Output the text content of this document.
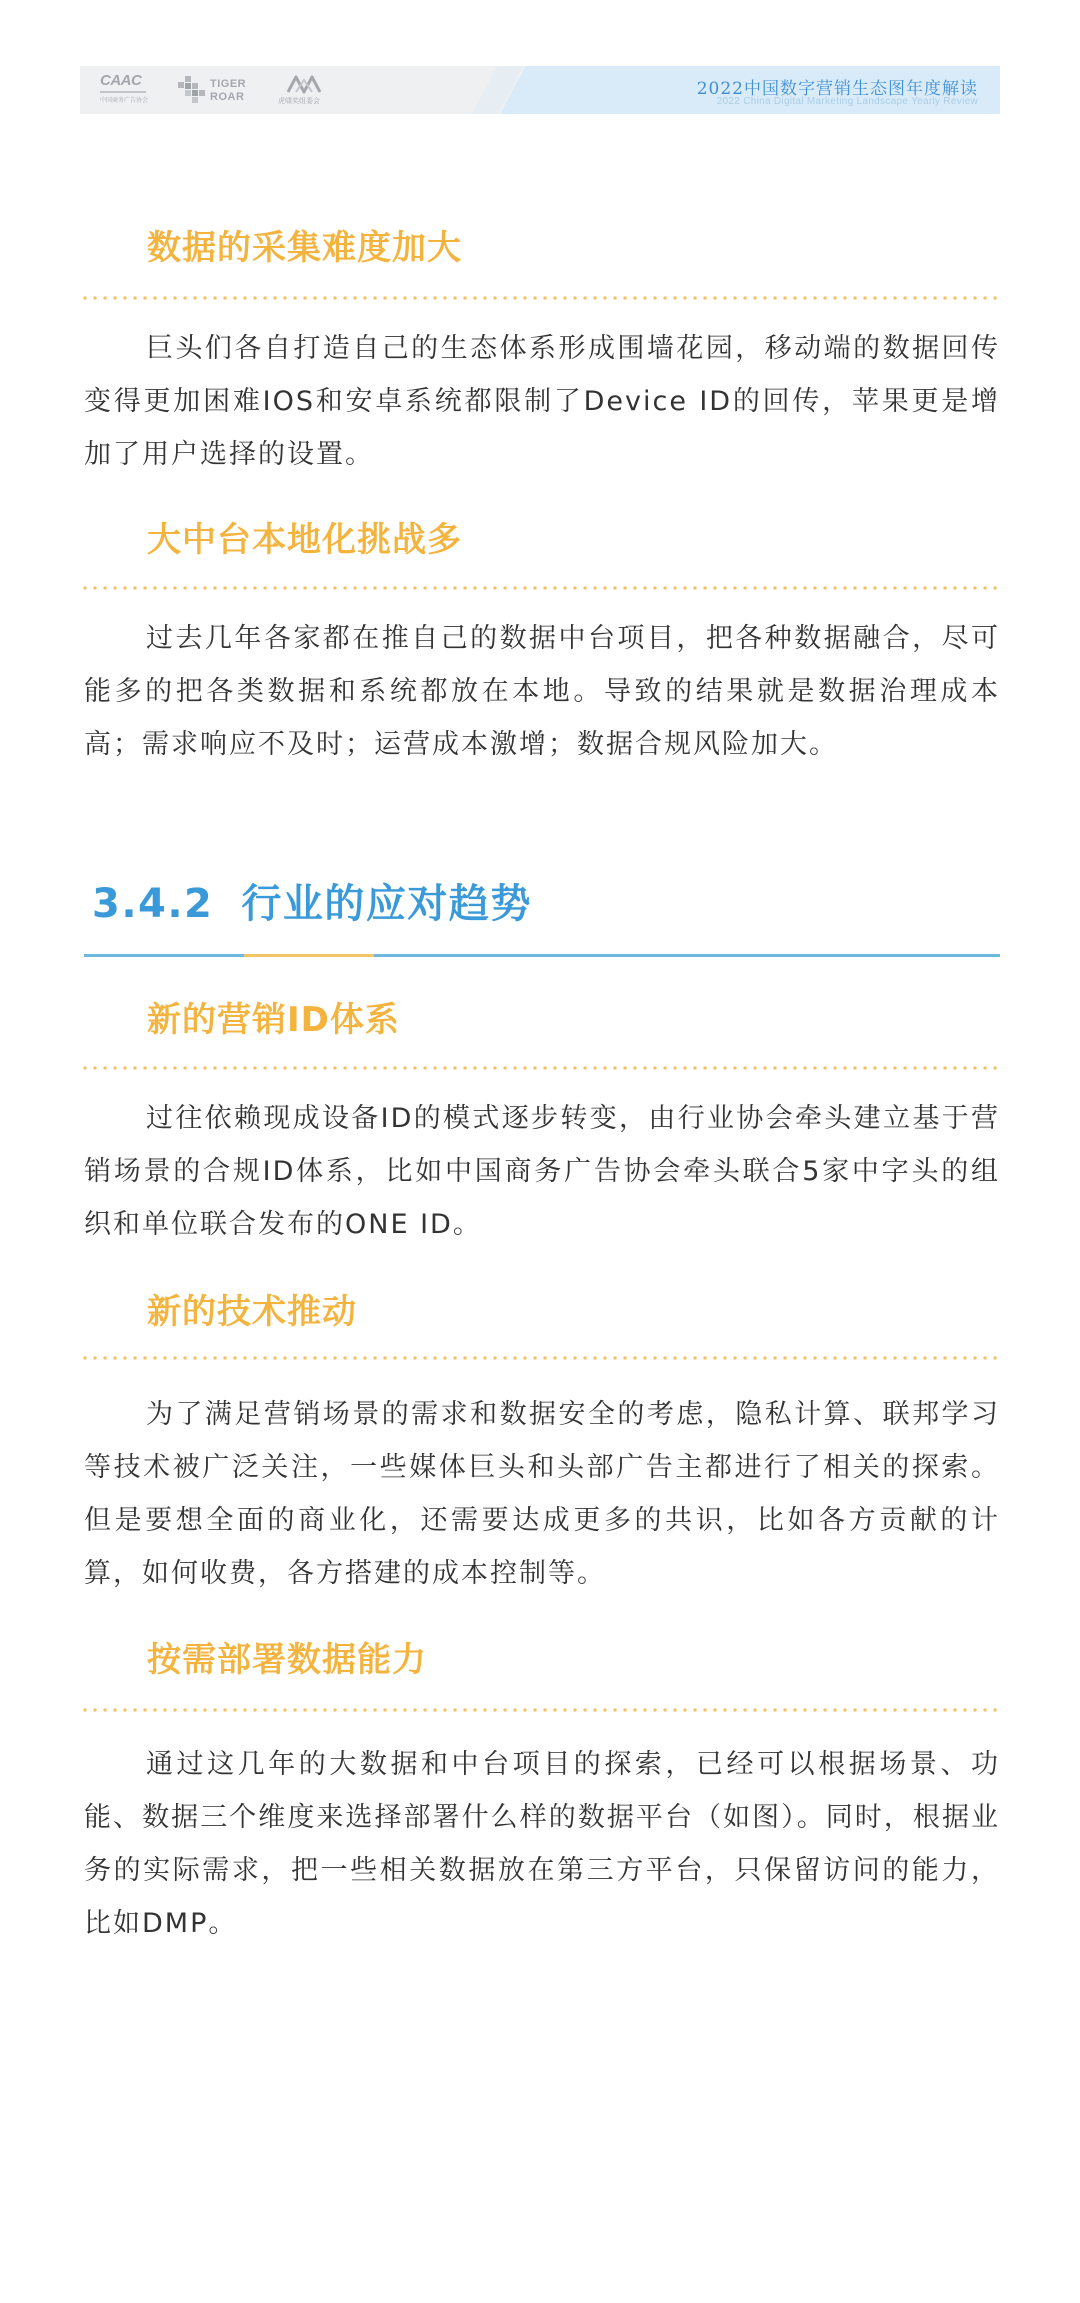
CAAC
中国商务广告协会
TIGER ROAR	虎啸奖组委会
2022中国数字营销生态图年度解读
2022 China Digital Marketing Landscape Yearly Review
数据的采集难度加大

巨头们各自打造自己的生态体系形成围墙花园，移动端的数据回传变得更加困难IOS和安卓系统都限制了Device ID的回传，苹果更是增加了用户选择的设置。

大中台本地化挑战多

过去几年各家都在推自己的数据中台项目，把各种数据融合，尽可能多的把各类数据和系统都放在本地。导致的结果就是数据治理成本高；需求响应不及时；运营成本激增；数据合规风险加大。

3.4.2 行业的应对趋势
新的营销ID体系

过往依赖现成设备ID的模式逐步转变，由行业协会牵头建立基于营销场景的合规ID体系，比如中国商务广告协会牵头联合5家中字头的组织和单位联合发布的ONE ID。

新的技术推动

为了满足营销场景的需求和数据安全的考虑，隐私计算、联邦学习等技术被广泛关注，一些媒体巨头和头部广告主都进行了相关的探索。但是要想全面的商业化，还需要达成更多的共识，比如各方贡献的计算，如何收费，各方搭建的成本控制等。

按需部署数据能力

通过这几年的大数据和中台项目的探索，已经可以根据场景、功能、数据三个维度来选择部署什么样的数据平台（如图）。同时，根据业务的实际需求，把一些相关数据放在第三方平台，只保留访问的能力，比如DMP。
